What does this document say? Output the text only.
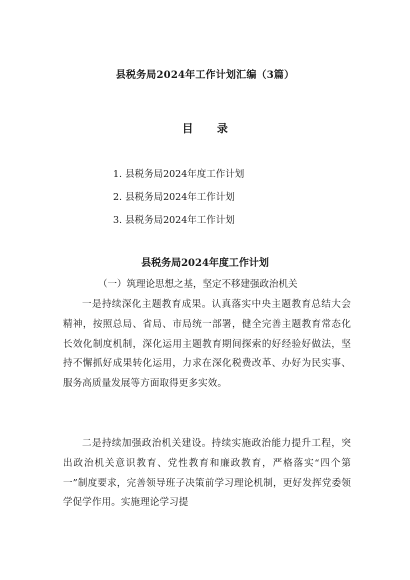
县税务局2024年工作计划汇编（3篇）
目 录
1. 县税务局2024年度工作计划
2. 县税务局2024年工作计划
3. 县税务局2024年工作计划
县税务局2024年度工作计划
（一）筑理论思想之基，坚定不移建强政治机关

一是持续深化主题教育成果。认真落实中央主题教育总结大会精神，按照总局、省局、市局统一部署，健全完善主题教育常态化长效化制度机制，深化运用主题教育期间探索的好经验好做法，坚持不懈抓好成果转化运用，力求在深化税费改革、办好为民实事、服务高质量发展等方面取得更多实效。

二是持续加强政治机关建设。持续实施政治能力提升工程，突出政治机关意识教育、党性教育和廉政教育，严格落实“四个第一”制度要求，完善领导班子决策前学习理论机制，更好发挥党委领学促学作用。实施理论学习提
